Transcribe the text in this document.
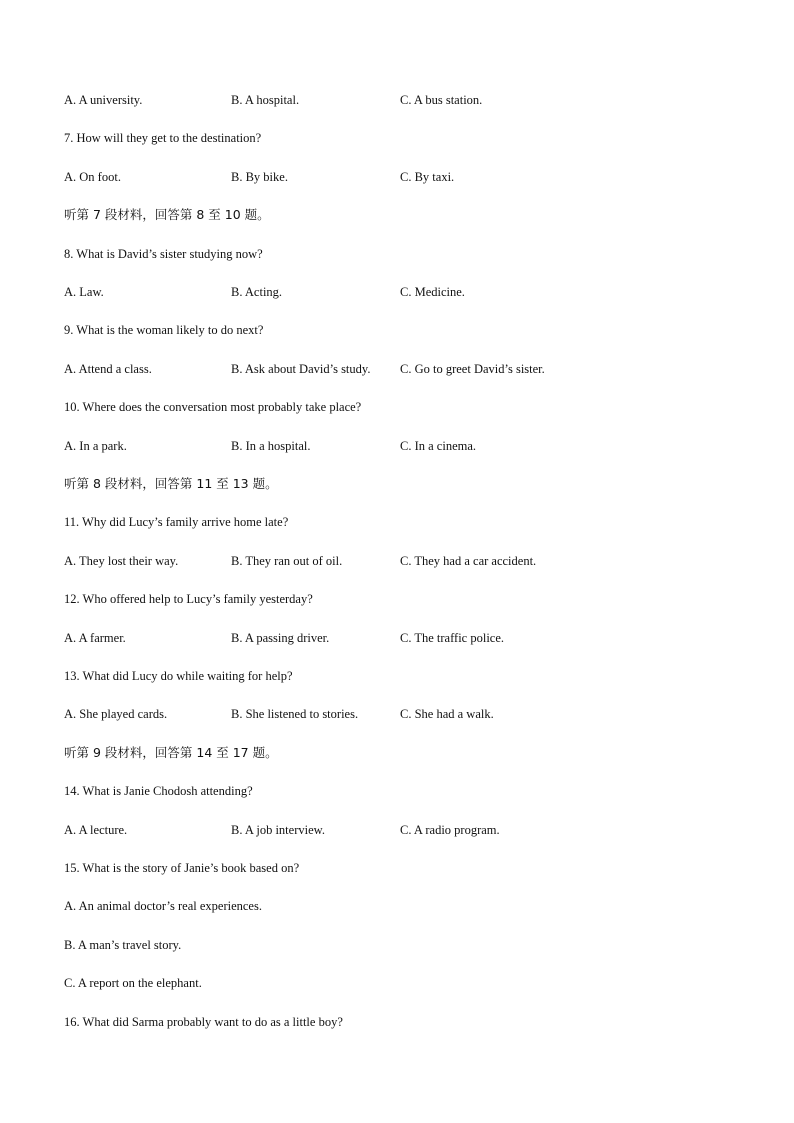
A. A university.	B. A hospital.	C. A bus station.
7. How will they get to the destination?
A. On foot.	B. By bike.	C. By taxi.
听第 7 段材料，回答第 8 至 10 题。
8. What is David’s sister studying now?
A. Law.	B. Acting.	C. Medicine.
9. What is the woman likely to do next?
A. Attend a class.	B. Ask about David’s study. C. Go to greet David’s sister.
10. Where does the conversation most probably take place?
A. In a park.	B. In a hospital.	C. In a cinema.
听第 8 段材料，回答第 11 至 13 题。
11. Why did Lucy’s family arrive home late?
A. They lost their way.	B. They ran out of oil.	C. They had a car accident.
12. Who offered help to Lucy’s family yesterday?
A. A farmer.	B. A passing driver.	C. The traffic police.
13. What did Lucy do while waiting for help?
A. She played cards.	B. She listened to stories.	C. She had a walk.
听第 9 段材料，回答第 14 至 17 题。
14. What is Janie Chodosh attending?
A. A lecture.	B. A job interview.	C. A radio program.
15. What is the story of Janie’s book based on?
A. An animal doctor’s real experiences.
B. A man’s travel story.
C. A report on the elephant.
16. What did Sarma probably want to do as a little boy?
